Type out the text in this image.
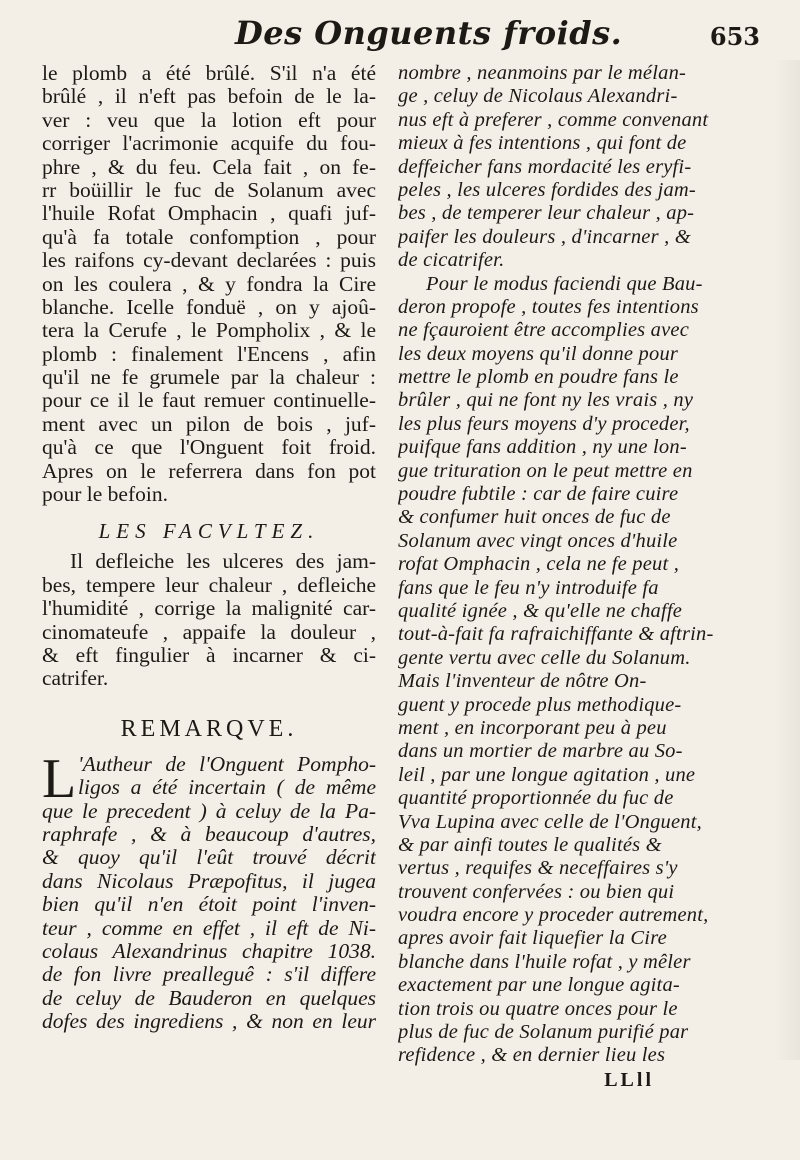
Des Onguents froids.	653
le plomb a été brûlé. S'il n'a été
brûlé , il n'eft pas befoin de le la-
ver : veu que la lotion eft pour
corriger l'acrimonie acquife du fou-
phre , & du feu. Cela fait , on fe-
rr boüillir le fuc de Solanum avec
l'huile Rofat Omphacin , quafi juf-
qu'à fa totale confomption , pour
les raifons cy-devant declarées : puis
on les coulera , & y fondra la Cire
blanche. Icelle fonduë , on y ajoû-
tera la Cerufe , le Pompholix , & le
plomb : finalement l'Encens , afin
qu'il ne fe grumele par la chaleur :
pour ce il le faut remuer continuelle-
ment avec un pilon de bois , juf-
qu'à ce que l'Onguent foit froid.
Apres on le referrera dans fon pot
pour le befoin.
LES FACVLTEZ.
Il defleiche les ulceres des jam-
bes, tempere leur chaleur , defleiche
l'humidité , corrige la malignité car-
cinomateufe , appaife la douleur ,
& eft fingulier à incarner & ci-
catrifer.
REMARQVE.
L 'Autheur de l'Onguent Pompho-
ligos a été incertain ( de même
que le precedent ) à celuy de la Pa-
raphrafe , & à beaucoup d'autres,
& quoy qu'il l'eût trouvé décrit
dans Nicolaus Præpofitus, il jugea
bien qu'il n'en étoit point l'inven-
teur , comme en effet , il eft de Ni-
colaus Alexandrinus chapitre 1038.
de fon livre prealleguê : s'il differe
de celuy de Bauderon en quelques
dofes des ingrediens , & non en leur
nombre , neanmoins par le mélan-
ge , celuy de Nicolaus Alexandri-
nus eft à preferer , comme convenant
mieux à fes intentions , qui font de
deffeicher fans mordacité les eryfi-
peles , les ulceres fordides des jam-
bes , de temperer leur chaleur , ap-
paifer les douleurs , d'incarner , &
de cicatrifer.
Pour le modus faciendi que Bau-
deron propofe , toutes fes intentions
ne fçauroient être accomplies avec
les deux moyens qu'il donne pour
mettre le plomb en poudre fans le
brûler , qui ne font ny les vrais , ny
les plus feurs moyens d'y proceder,
puifque fans addition , ny une lon-
gue trituration on le peut mettre en
poudre fubtile : car de faire cuire
& confumer huit onces de fuc de
Solanum avec vingt onces d'huile
rofat Omphacin , cela ne fe peut ,
fans que le feu n'y introduife fa
qualité ignée , & qu'elle ne chaffe
tout-à-fait fa rafraichiffante & aftrin-
gente vertu avec celle du Solanum.
Mais l'inventeur de nôtre On-
guent y procede plus methodique-
ment , en incorporant peu à peu
dans un mortier de marbre au So-
leil , par une longue agitation , une
quantité proportionnée du fuc de
Vva Lupina avec celle de l'Onguent,
& par ainfi toutes le qualités &
vertus , requifes & neceffaires s'y
trouvent confervées : ou bien qui
voudra encore y proceder autrement,
apres avoir fait liquefier la Cire
blanche dans l'huile rofat , y mêler
exactement par une longue agita-
tion trois ou quatre onces pour le
plus de fuc de Solanum purifié par
refidence , & en dernier lieu les
LLll
